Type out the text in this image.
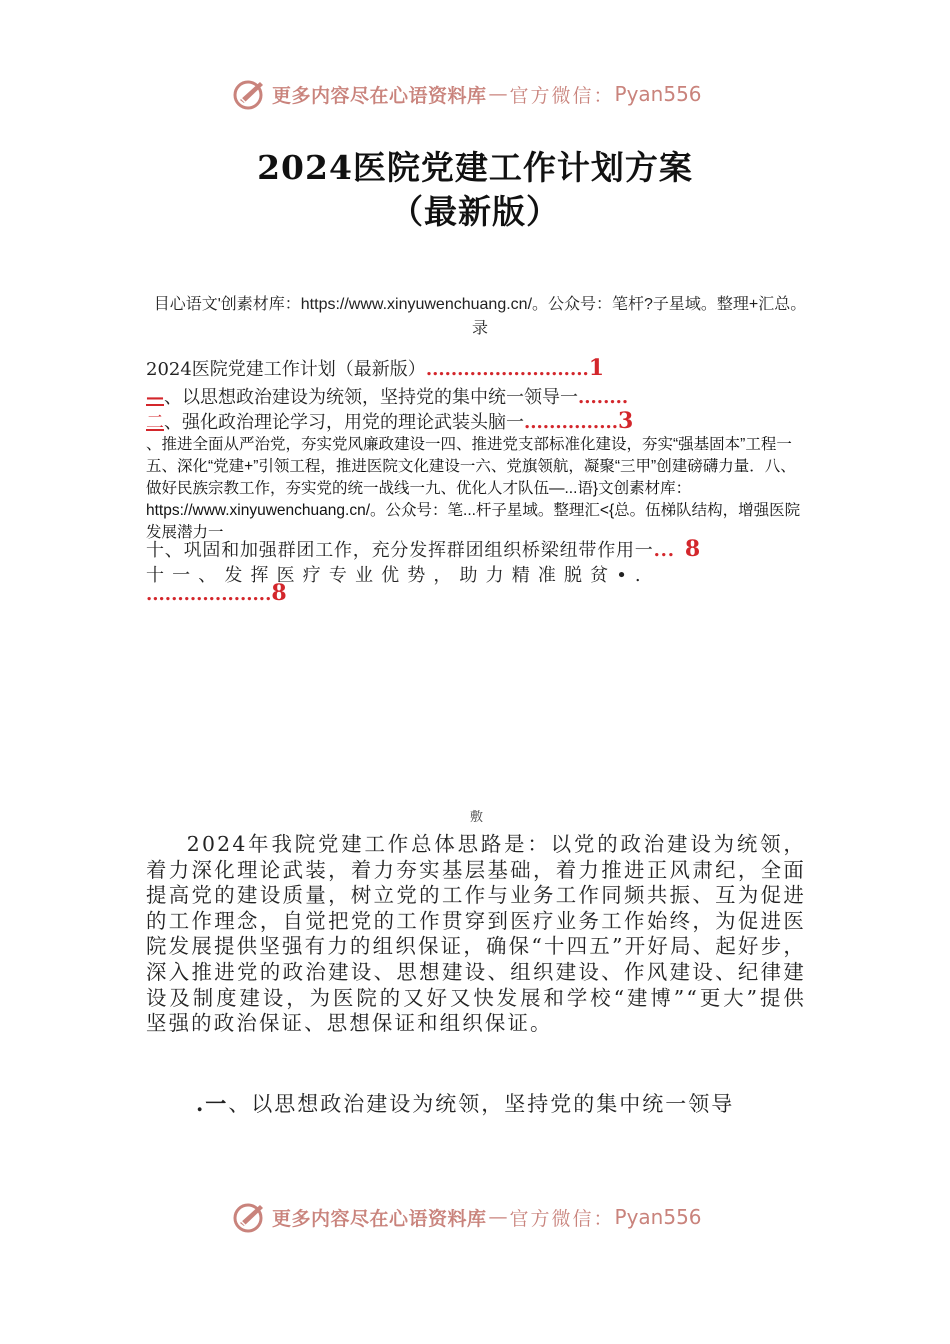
更多内容尽在心语资料库 — 官方微信： Pyan556
2024医院党建工作计划方案
（最新版）
目心语文'创素材库：https://www.xinyuwenchuang.cn/。公众号：笔杆?子星域。整理+汇总。录
2024医院党建工作计划（最新版）..........................1
—、以思想政治建设为统领，坚持党的集中统一领导一........
二、强化政治理论学习，用党的理论武装头脑一...............3
、推进全面从严治党，夯实党风廉政建设一四、推进党支部标准化建设，夯实“强基固本”工程一五、深化“党建+”引领工程，推进医院文化建设一六、党旗领航，凝聚“三甲”创建磅礴力量．八、做好民族宗教工作，夯实党的统一战线一九、优化人才队伍—...语}文创素材库：https://www.xinyuwenchuang.cn/。公众号：笔...杆子星域。整理汇<{总。伍梯队结构，增强医院发展潜力一
十、巩固和加强群团工作，充分发挥群团组织桥梁纽带作用一... 8
十 一 、 发 挥 医 疗 专 业 优 势 ， 助 力 精 准 脱 贫 • .
....................8
敷
2024年我院党建工作总体思路是：以党的政治建设为统领，着力深化理论武装，着力夯实基层基础，着力推进正风肃纪，全面提高党的建设质量，树立党的工作与业务工作同频共振、互为促进的工作理念，自觉把党的工作贯穿到医疗业务工作始终，为促进医院发展提供坚强有力的组织保证，确保“十四五”开好局、起好步，深入推进党的政治建设、思想建设、组织建设、作风建设、纪律建设及制度建设，为医院的又好又快发展和学校“建博”“更大”提供坚强的政治保证、思想保证和组织保证。
.一、以思想政治建设为统领，坚持党的集中统一领导
更多内容尽在心语资料库 — 官方微信： Pyan556
